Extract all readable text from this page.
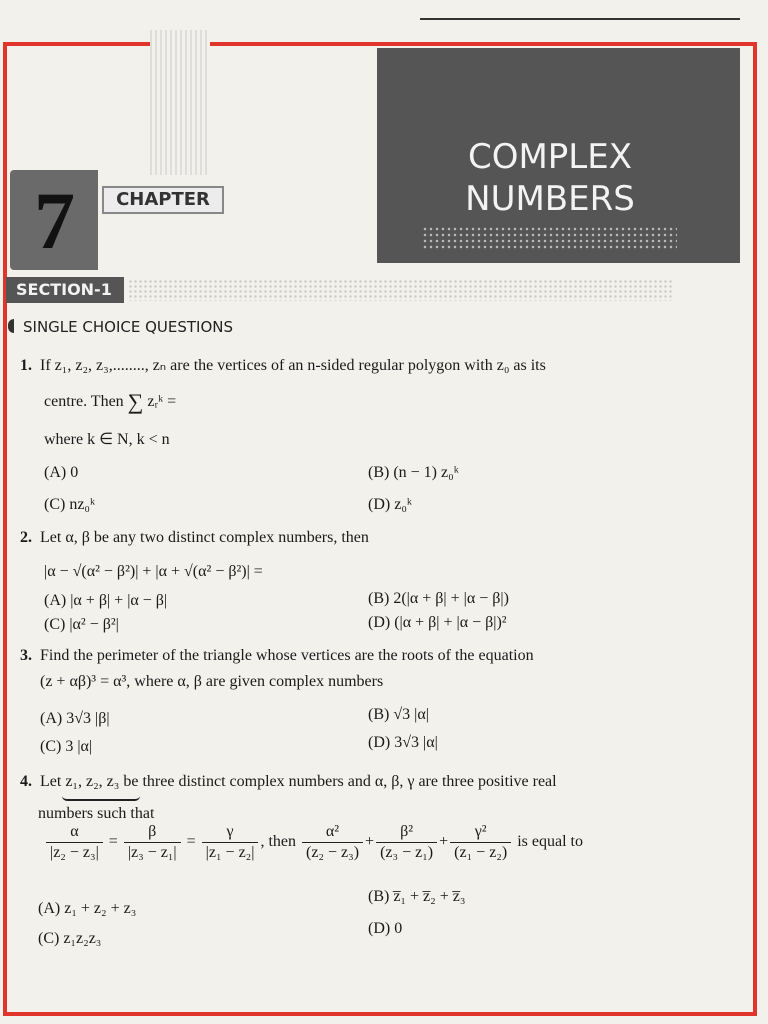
7	CHAPTER
COMPLEX
NUMBERS
SECTION-1
SINGLE CHOICE QUESTIONS
1. If z₁, z₂, z₃,........, zₙ are the vertices of an n-sided regular polygon with z₀ as its
centre. Then ∑ zᵣᵏ =
where k ∈ N, k < n
(A) 0	(B) (n − 1) z₀ᵏ
(C) nz₀ᵏ	(D) z₀ᵏ
2. Let α, β be any two distinct complex numbers, then
|α − √(α² − β²)| + |α + √(α² − β²)| =
(A) |α + β| + |α − β|	(B) 2(|α + β| + |α − β|)
(C) |α² − β²|	(D) (|α + β| + |α − β|)²
3. Find the perimeter of the triangle whose vertices are the roots of the equation
(z + αβ)³ = α³, where α, β are given complex numbers
(A) 3√3 |β|	(B) √3 |α|
(C) 3 |α|	(D) 3√3 |α|
4. Let z₁, z₂, z₃ be three distinct complex numbers and α, β, γ are three positive real
numbers such that
$\frac{\alpha}{\text{|z₂ − z₃|}} = \frac{\beta}{\text{|z₃ − z₁|}} = \frac{\gamma}{\text{|z₁ − z₂|}}$ , then $\frac{\text{α²}}{\text{(z₂ − z₃)}} + \frac{\text{β²}}{\text{(z₃ − z₁)}} + \frac{\text{γ²}}{\text{(z₁ − z₂)}}$ is equal to
(A) z₁ + z₂ + z₃
(B) z̅₁ + z̅₂ + z̅₃
(C) z₁z₂z₃
(D) 0
